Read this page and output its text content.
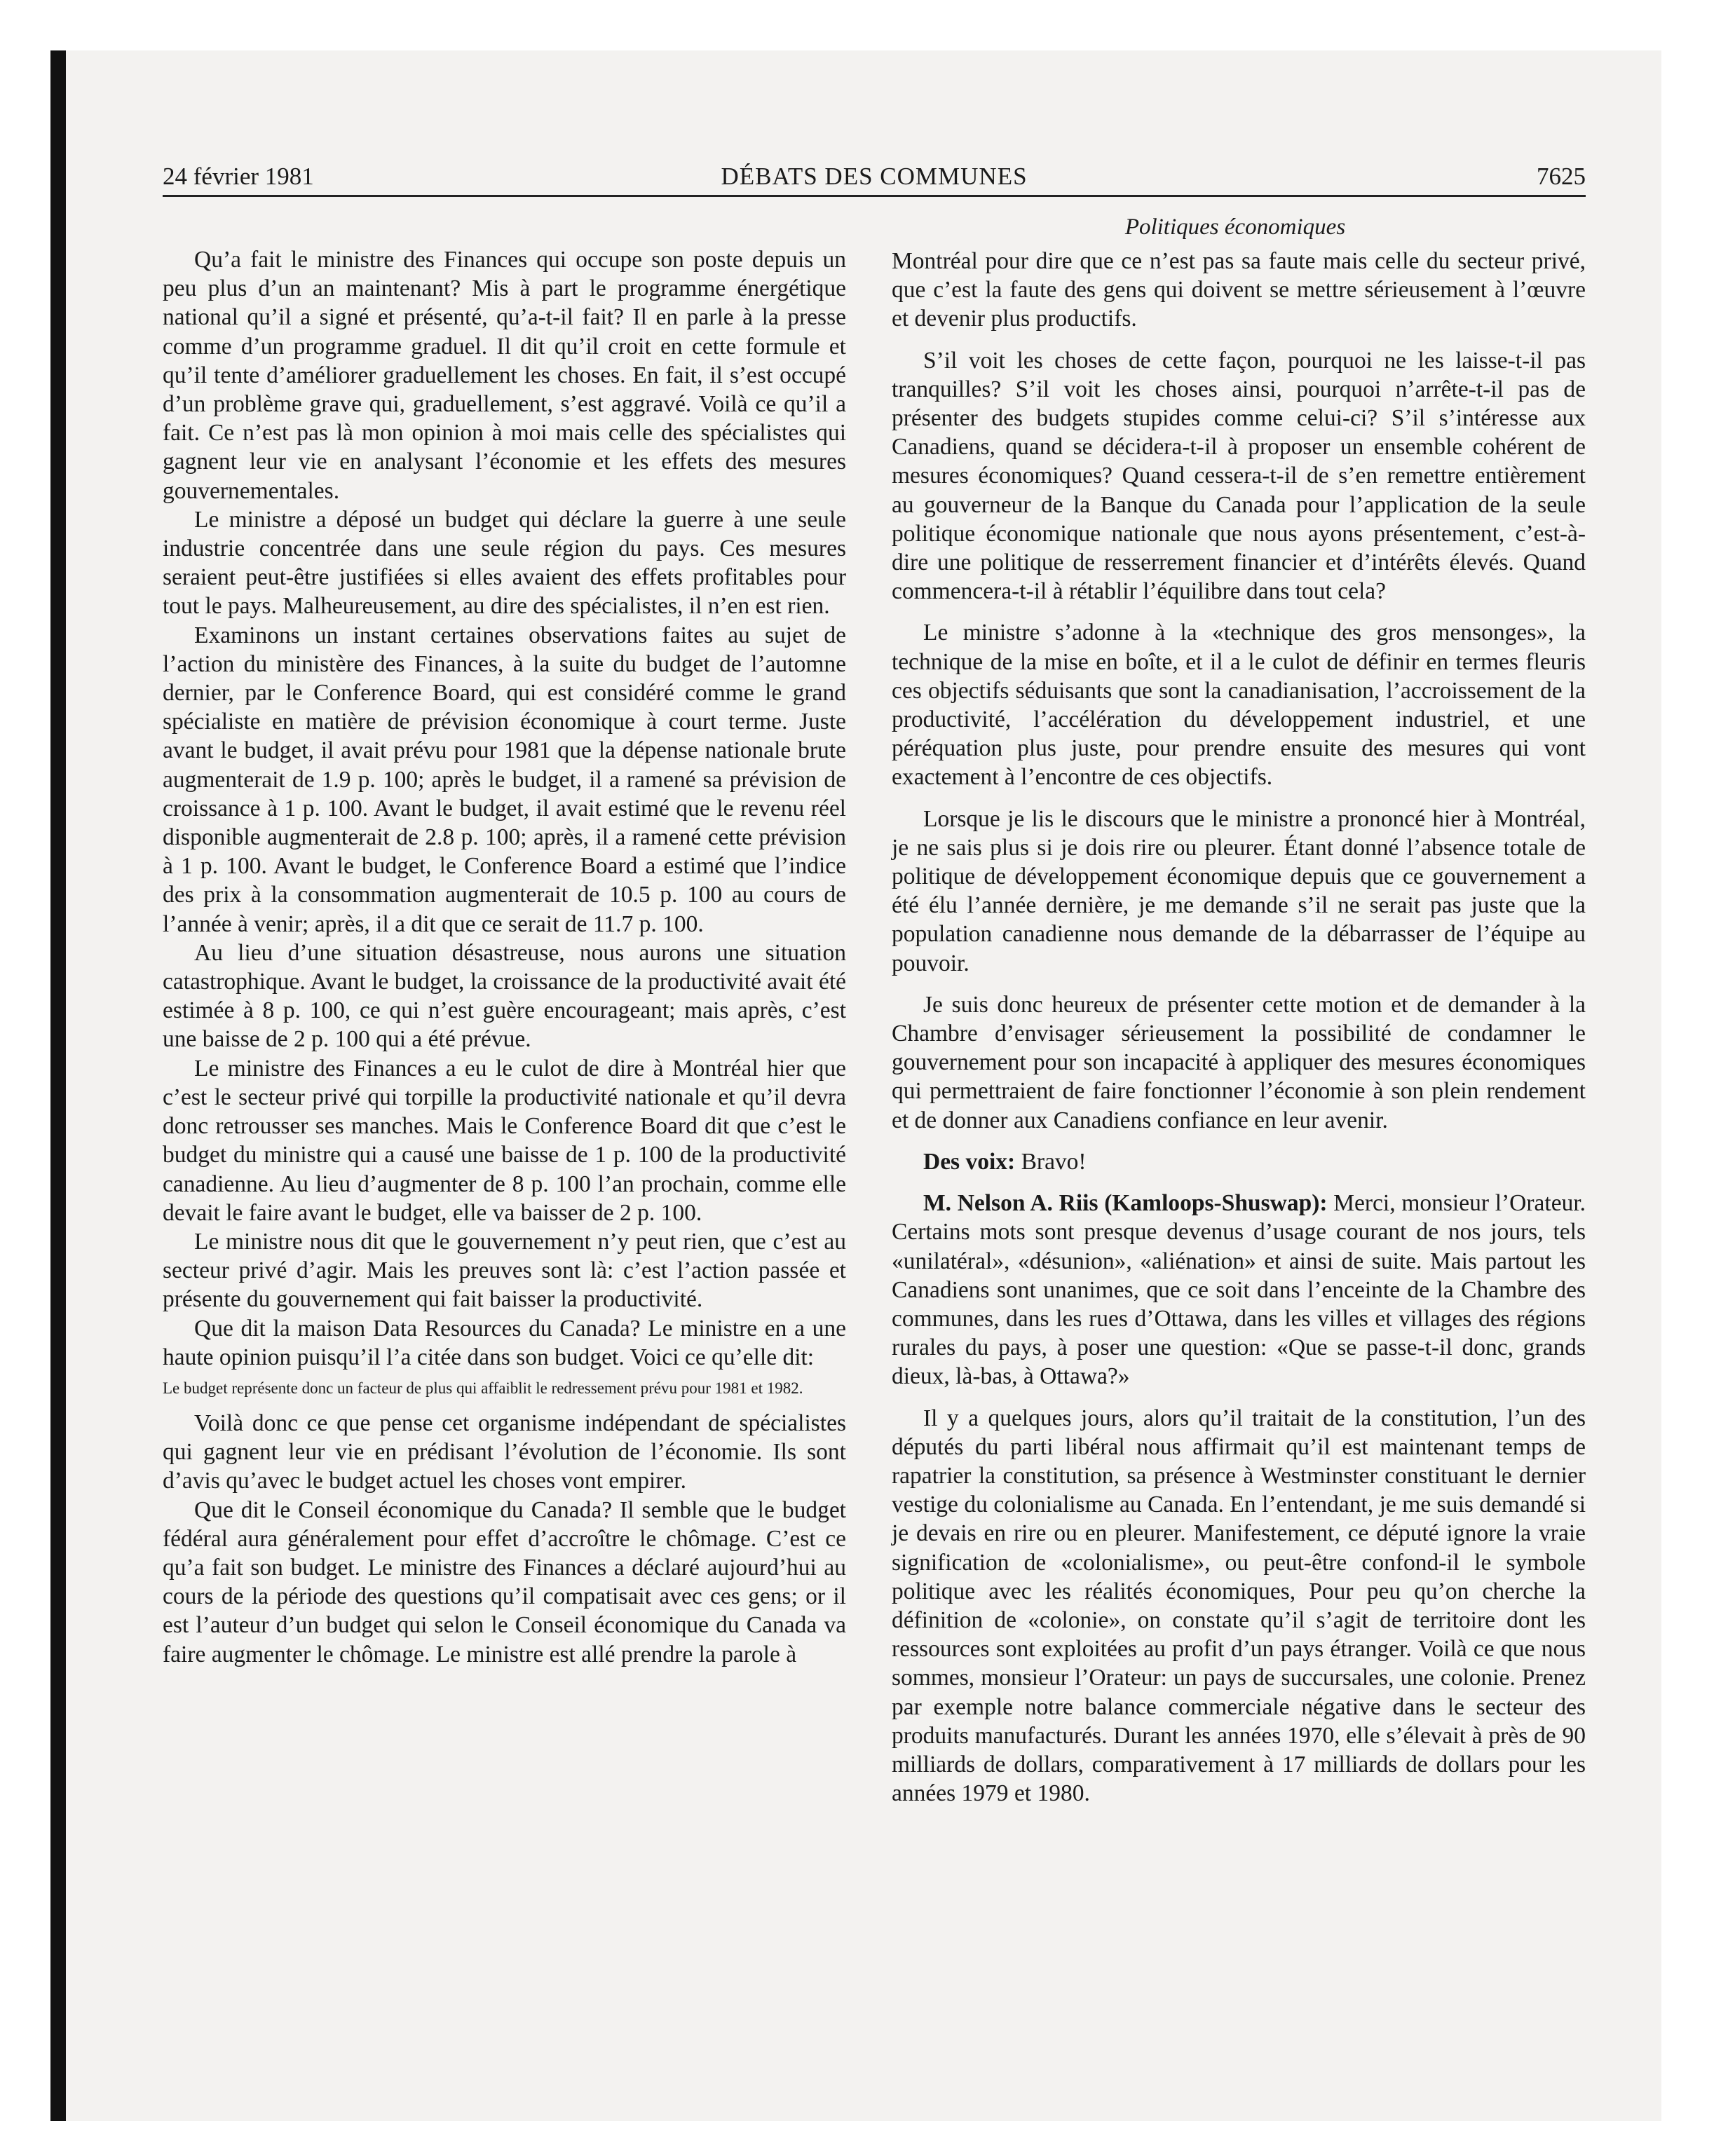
24 février 1981	DÉBATS DES COMMUNES	7625
Politiques économiques

Qu’a fait le ministre des Finances qui occupe son poste depuis un peu plus d’un an maintenant? Mis à part le programme énergétique national qu’il a signé et présenté, qu’a-t-il fait? Il en parle à la presse comme d’un programme graduel. Il dit qu’il croit en cette formule et qu’il tente d’améliorer graduellement les choses. En fait, il s’est occupé d’un problème grave qui, graduellement, s’est aggravé. Voilà ce qu’il a fait. Ce n’est pas là mon opinion à moi mais celle des spécialistes qui gagnent leur vie en analysant l’économie et les effets des mesures gouvernementales.

Le ministre a déposé un budget qui déclare la guerre à une seule industrie concentrée dans une seule région du pays. Ces mesures seraient peut-être justifiées si elles avaient des effets profitables pour tout le pays. Malheureusement, au dire des spécialistes, il n’en est rien.

Examinons un instant certaines observations faites au sujet de l’action du ministère des Finances, à la suite du budget de l’automne dernier, par le Conference Board, qui est considéré comme le grand spécialiste en matière de prévision économique à court terme. Juste avant le budget, il avait prévu pour 1981 que la dépense nationale brute augmenterait de 1.9 p. 100; après le budget, il a ramené sa prévision de croissance à 1 p. 100. Avant le budget, il avait estimé que le revenu réel disponible augmenterait de 2.8 p. 100; après, il a ramené cette prévision à 1 p. 100. Avant le budget, le Conference Board a estimé que l’indice des prix à la consommation augmenterait de 10.5 p. 100 au cours de l’année à venir; après, il a dit que ce serait de 11.7 p. 100.

Au lieu d’une situation désastreuse, nous aurons une situation catastrophique. Avant le budget, la croissance de la productivité avait été estimée à 8 p. 100, ce qui n’est guère encourageant; mais après, c’est une baisse de 2 p. 100 qui a été prévue.

Le ministre des Finances a eu le culot de dire à Montréal hier que c’est le secteur privé qui torpille la productivité nationale et qu’il devra donc retrousser ses manches. Mais le Conference Board dit que c’est le budget du ministre qui a causé une baisse de 1 p. 100 de la productivité canadienne. Au lieu d’augmenter de 8 p. 100 l’an prochain, comme elle devait le faire avant le budget, elle va baisser de 2 p. 100.

Le ministre nous dit que le gouvernement n’y peut rien, que c’est au secteur privé d’agir. Mais les preuves sont là: c’est l’action passée et présente du gouvernement qui fait baisser la productivité.

Que dit la maison Data Resources du Canada? Le ministre en a une haute opinion puisqu’il l’a citée dans son budget. Voici ce qu’elle dit:

Le budget représente donc un facteur de plus qui affaiblit le redressement prévu pour 1981 et 1982.

Voilà donc ce que pense cet organisme indépendant de spécialistes qui gagnent leur vie en prédisant l’évolution de l’économie. Ils sont d’avis qu’avec le budget actuel les choses vont empirer.

Que dit le Conseil économique du Canada? Il semble que le budget fédéral aura généralement pour effet d’accroître le chômage. C’est ce qu’a fait son budget. Le ministre des Finances a déclaré aujourd’hui au cours de la période des questions qu’il compatisait avec ces gens; or il est l’auteur d’un budget qui selon le Conseil économique du Canada va faire augmenter le chômage. Le ministre est allé prendre la parole à

Montréal pour dire que ce n’est pas sa faute mais celle du secteur privé, que c’est la faute des gens qui doivent se mettre sérieusement à l’œuvre et devenir plus productifs.

S’il voit les choses de cette façon, pourquoi ne les laisse-t-il pas tranquilles? S’il voit les choses ainsi, pourquoi n’arrête-t-il pas de présenter des budgets stupides comme celui-ci? S’il s’intéresse aux Canadiens, quand se décidera-t-il à proposer un ensemble cohérent de mesures économiques? Quand cessera-t-il de s’en remettre entièrement au gouverneur de la Banque du Canada pour l’application de la seule politique économique nationale que nous ayons présentement, c’est-à-dire une politique de resserrement financier et d’intérêts élevés. Quand commencera-t-il à rétablir l’équilibre dans tout cela?

Le ministre s’adonne à la «technique des gros mensonges», la technique de la mise en boîte, et il a le culot de définir en termes fleuris ces objectifs séduisants que sont la canadianisation, l’accroissement de la productivité, l’accélération du développement industriel, et une péréquation plus juste, pour prendre ensuite des mesures qui vont exactement à l’encontre de ces objectifs.

Lorsque je lis le discours que le ministre a prononcé hier à Montréal, je ne sais plus si je dois rire ou pleurer. Étant donné l’absence totale de politique de développement économique depuis que ce gouvernement a été élu l’année dernière, je me demande s’il ne serait pas juste que la population canadienne nous demande de la débarrasser de l’équipe au pouvoir.

Je suis donc heureux de présenter cette motion et de demander à la Chambre d’envisager sérieusement la possibilité de condamner le gouvernement pour son incapacité à appliquer des mesures économiques qui permettraient de faire fonctionner l’économie à son plein rendement et de donner aux Canadiens confiance en leur avenir.

Des voix: Bravo!

M. Nelson A. Riis (Kamloops-Shuswap): Merci, monsieur l’Orateur. Certains mots sont presque devenus d’usage courant de nos jours, tels «unilatéral», «désunion», «aliénation» et ainsi de suite. Mais partout les Canadiens sont unanimes, que ce soit dans l’enceinte de la Chambre des communes, dans les rues d’Ottawa, dans les villes et villages des régions rurales du pays, à poser une question: «Que se passe-t-il donc, grands dieux, là-bas, à Ottawa?»

Il y a quelques jours, alors qu’il traitait de la constitution, l’un des députés du parti libéral nous affirmait qu’il est maintenant temps de rapatrier la constitution, sa présence à Westminster constituant le dernier vestige du colonialisme au Canada. En l’entendant, je me suis demandé si je devais en rire ou en pleurer. Manifestement, ce député ignore la vraie signification de «colonialisme», ou peut-être confond-il le symbole politique avec les réalités économiques, Pour peu qu’on cherche la définition de «colonie», on constate qu’il s’agit de territoire dont les ressources sont exploitées au profit d’un pays étranger. Voilà ce que nous sommes, monsieur l’Orateur: un pays de succursales, une colonie. Prenez par exemple notre balance commerciale négative dans le secteur des produits manufacturés. Durant les années 1970, elle s’élevait à près de 90 milliards de dollars, comparativement à 17 milliards de dollars pour les années 1979 et 1980.
